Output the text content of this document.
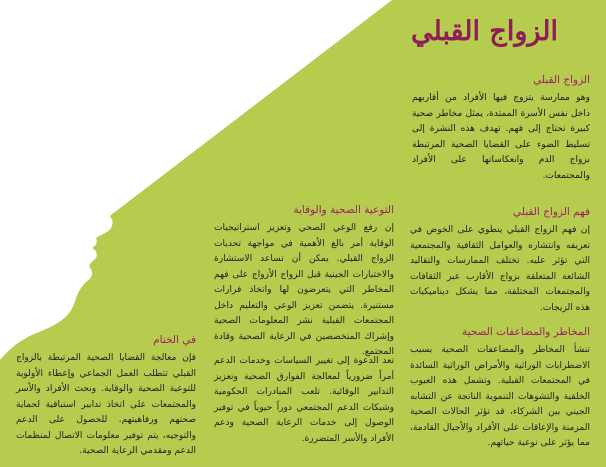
الزواج القبلي
الزواج القبلي

وهو ممارسة يتزوج فيها الأفراد من أقاربهم داخل نفس الأسرة الممتدة، يمثل مخاطر صحية كبيرة تحتاج إلى فهم. تهدف هذه النشرة إلى تسليط الضوء على القضايا الصحية المرتبطة بزواج الدم وانعكاساتها على الأفراد والمجتمعات.

فهم الزواج القبلي

إن فهم الزواج القبلي ينطوي على الخوض في تعريفه وانتشاره والعوامل الثقافية والمجتمعية التي تؤثر عليه. تختلف الممارسات والتقاليد الشائعة المتعلقة بزواج الأقارب عبر الثقافات والمجتمعات المختلفة، مما يشكل ديناميكيات هذه الزيجات.

المخاطر والمضاعفات الصحية

تنشأ المخاطر والمضاعفات الصحية بسبب الاضطرابات الوراثية والأمراض الوراثية السائدة في المجتمعات القبلية. وتشمل هذه العيوب الخلقية والتشوهات التنموية الناتجة عن التشابه الجيني بين الشركاء، قد تؤثر الحالات الصحية المزمنة والإعاقات على الأفراد والأجيال القادمة، مما يؤثر على نوعية حياتهم.

التوعية الصحية والوقاية

إن رفع الوعي الصحي وتعزيز استراتيجيات الوقاية أمر بالغ الأهمية في مواجهة تحديات الزواج القبلي. يمكن أن تساعد الاستشارة والاختبارات الجينية قبل الزواج الأزواج على فهم المخاطر التي يتعرضون لها واتخاذ قرارات مستنيرة. يتضمن تعزيز الوعي والتعليم داخل المجتمعات القبلية نشر المعلومات الصحية وإشراك المتخصصين في الرعاية الصحية وقادة المجتمع.

تعد الدعوة إلى تغيير السياسات وخدمات الدعم أمراً ضرورياً لمعالجة الفوارق الصحية وتعزيز التدابير الوقائية. تلعب المبادرات الحكومية وشبكات الدعم المجتمعي دوراً حيوياً في توفير الوصول إلى خدمات الرعاية الصحية ودعم الأفراد والأسر المتضررة.

في الختام

فإن معالجة القضايا الصحية المرتبطة بالزواج القبلي تتطلب العمل الجماعي وإعطاء الأولوية للتوعية الصحية والوقاية. ونحث الأفراد والأسر والمجتمعات على اتخاذ تدابير استباقية لحماية صحتهم ورفاهيتهم. للحصول على الدعم والتوجيه، يتم توفير معلومات الاتصال لمنظمات الدعم ومقدمي الرعاية الصحية.
